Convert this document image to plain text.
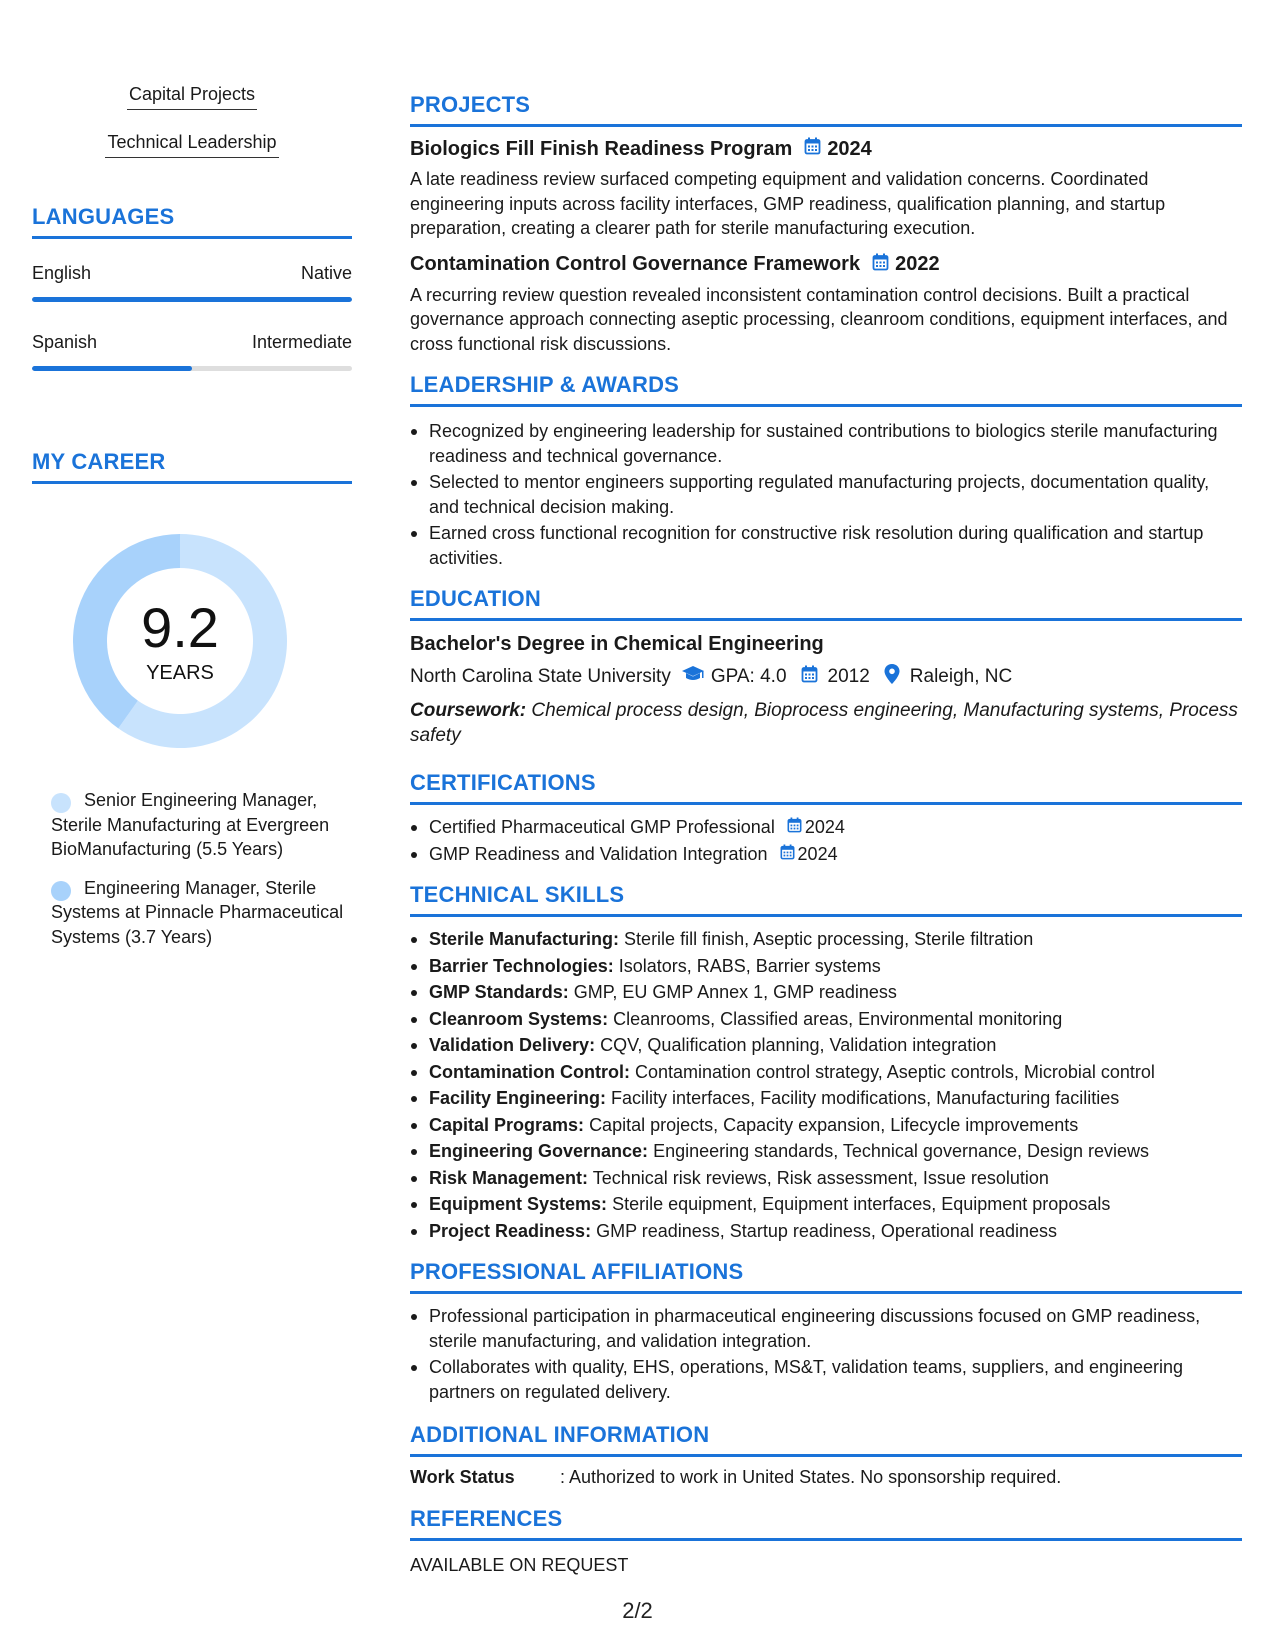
Capital Projects
Technical Leadership
LANGUAGES
English	Native
Spanish	Intermediate
MY CAREER
9.2
YEARS
Senior Engineering Manager, Sterile Manufacturing at Evergreen BioManufacturing (5.5 Years)
Engineering Manager, Sterile Systems at Pinnacle Pharmaceutical Systems (3.7 Years)
PROJECTS
Biologics Fill Finish Readiness Program 2024
A late readiness review surfaced competing equipment and validation concerns. Coordinated engineering inputs across facility interfaces, GMP readiness, qualification planning, and startup preparation, creating a clearer path for sterile manufacturing execution.
Contamination Control Governance Framework 2022
A recurring review question revealed inconsistent contamination control decisions. Built a practical governance approach connecting aseptic processing, cleanroom conditions, equipment interfaces, and cross functional risk discussions.
LEADERSHIP & AWARDS
Recognized by engineering leadership for sustained contributions to biologics sterile manufacturing readiness and technical governance.
Selected to mentor engineers supporting regulated manufacturing projects, documentation quality, and technical decision making.
Earned cross functional recognition for constructive risk resolution during qualification and startup activities.
EDUCATION
Bachelor's Degree in Chemical Engineering
North Carolina State University GPA: 4.0 2012 Raleigh, NC
Coursework: Chemical process design, Bioprocess engineering, Manufacturing systems, Process safety
CERTIFICATIONS
Certified Pharmaceutical GMP Professional 2024
GMP Readiness and Validation Integration 2024
TECHNICAL SKILLS
Sterile Manufacturing: Sterile fill finish, Aseptic processing, Sterile filtration
Barrier Technologies: Isolators, RABS, Barrier systems
GMP Standards: GMP, EU GMP Annex 1, GMP readiness
Cleanroom Systems: Cleanrooms, Classified areas, Environmental monitoring
Validation Delivery: CQV, Qualification planning, Validation integration
Contamination Control: Contamination control strategy, Aseptic controls, Microbial control
Facility Engineering: Facility interfaces, Facility modifications, Manufacturing facilities
Capital Programs: Capital projects, Capacity expansion, Lifecycle improvements
Engineering Governance: Engineering standards, Technical governance, Design reviews
Risk Management: Technical risk reviews, Risk assessment, Issue resolution
Equipment Systems: Sterile equipment, Equipment interfaces, Equipment proposals
Project Readiness: GMP readiness, Startup readiness, Operational readiness
PROFESSIONAL AFFILIATIONS
Professional participation in pharmaceutical engineering discussions focused on GMP readiness, sterile manufacturing, and validation integration.
Collaborates with quality, EHS, operations, MS&T, validation teams, suppliers, and engineering partners on regulated delivery.
ADDITIONAL INFORMATION
Work Status	: Authorized to work in United States. No sponsorship required.
REFERENCES
AVAILABLE ON REQUEST
2/2
